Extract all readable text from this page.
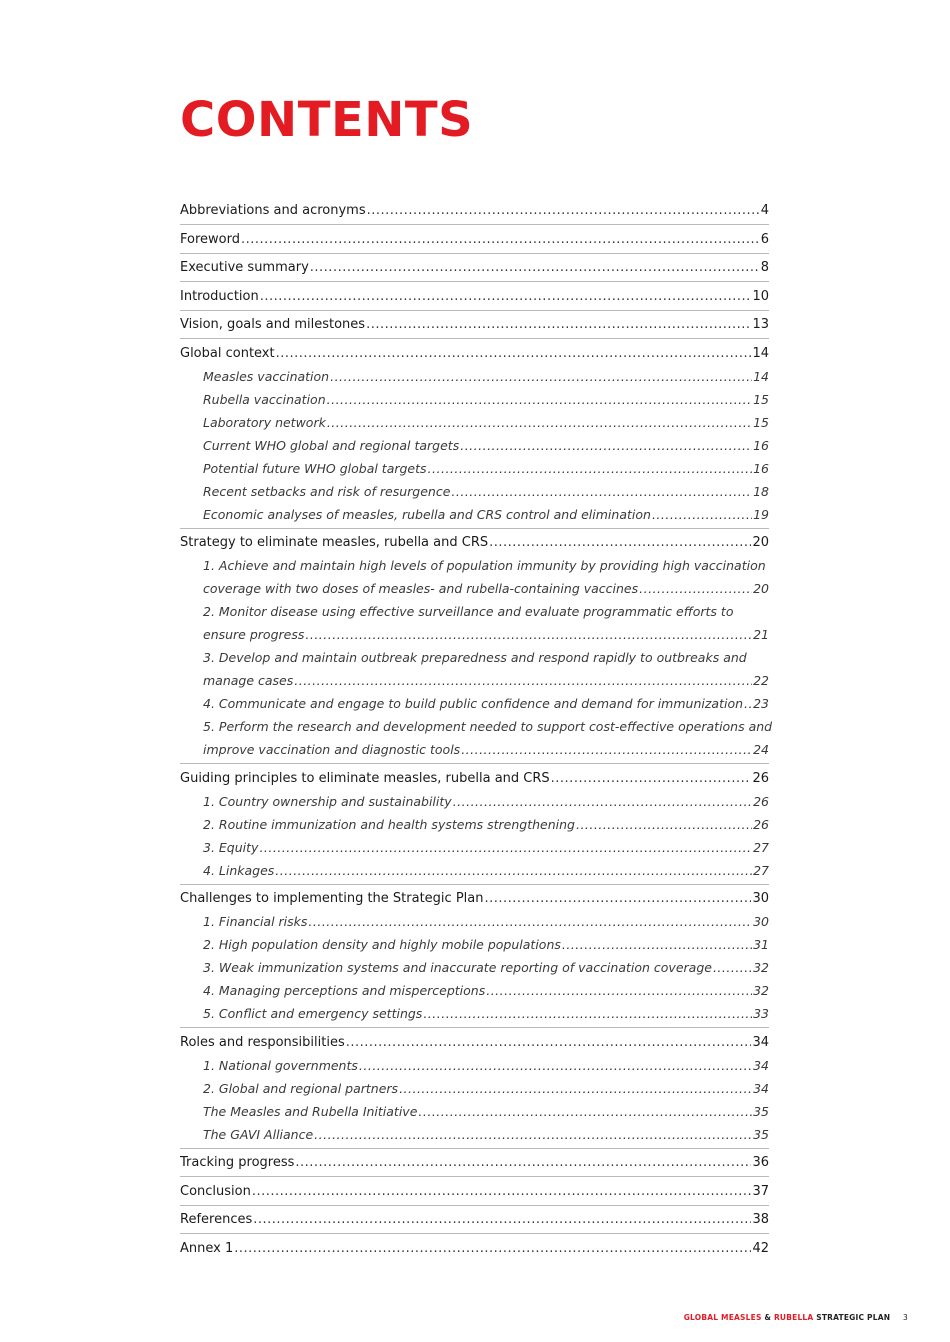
CONTENTS
Abbreviations and acronyms .....	4
Foreword .....	6
Executive summary .....	8
Introduction .....	10
Vision, goals and milestones .....	13
Global context .....	14
Measles vaccination .....	14
Rubella vaccination .....	15
Laboratory network .....	15
Current WHO global and regional targets .....	16
Potential future WHO global targets .....	16
Recent setbacks and risk of resurgence .....	18
Economic analyses of measles, rubella and CRS control and elimination .....	19
Strategy to eliminate measles, rubella and CRS .....	20
1. Achieve and maintain high levels of population immunity by providing high vaccination
coverage with two doses of measles- and rubella-containing vaccines .....	20
2. Monitor disease using effective surveillance and evaluate programmatic efforts to
ensure progress .....	21
3. Develop and maintain outbreak preparedness and respond rapidly to outbreaks and
manage cases .....	22
4. Communicate and engage to build public confidence and demand for immunization ..... 23
5. Perform the research and development needed to support cost-effective operations and
improve vaccination and diagnostic tools .....	24
Guiding principles to eliminate measles, rubella and CRS .....	26
1. Country ownership and sustainability .....	26
2. Routine immunization and health systems strengthening .....	26
3. Equity .....	27
4. Linkages .....	27
Challenges to implementing the Strategic Plan .....	30
1. Financial risks .....	30
2. High population density and highly mobile populations .....	31
3. Weak immunization systems and inaccurate reporting of vaccination coverage .....	32
4. Managing perceptions and misperceptions .....	32
5. Conflict and emergency settings .....	33
Roles and responsibilities .....	34
1. National governments .....	34
2. Global and regional partners .....	34
The Measles and Rubella Initiative .....	35
The GAVI Alliance .....	35
Tracking progress .....	36
Conclusion .....	37
References .....	38
Annex 1 .....	42
GLOBAL MEASLES & RUBELLA STRATEGIC PLAN 3
